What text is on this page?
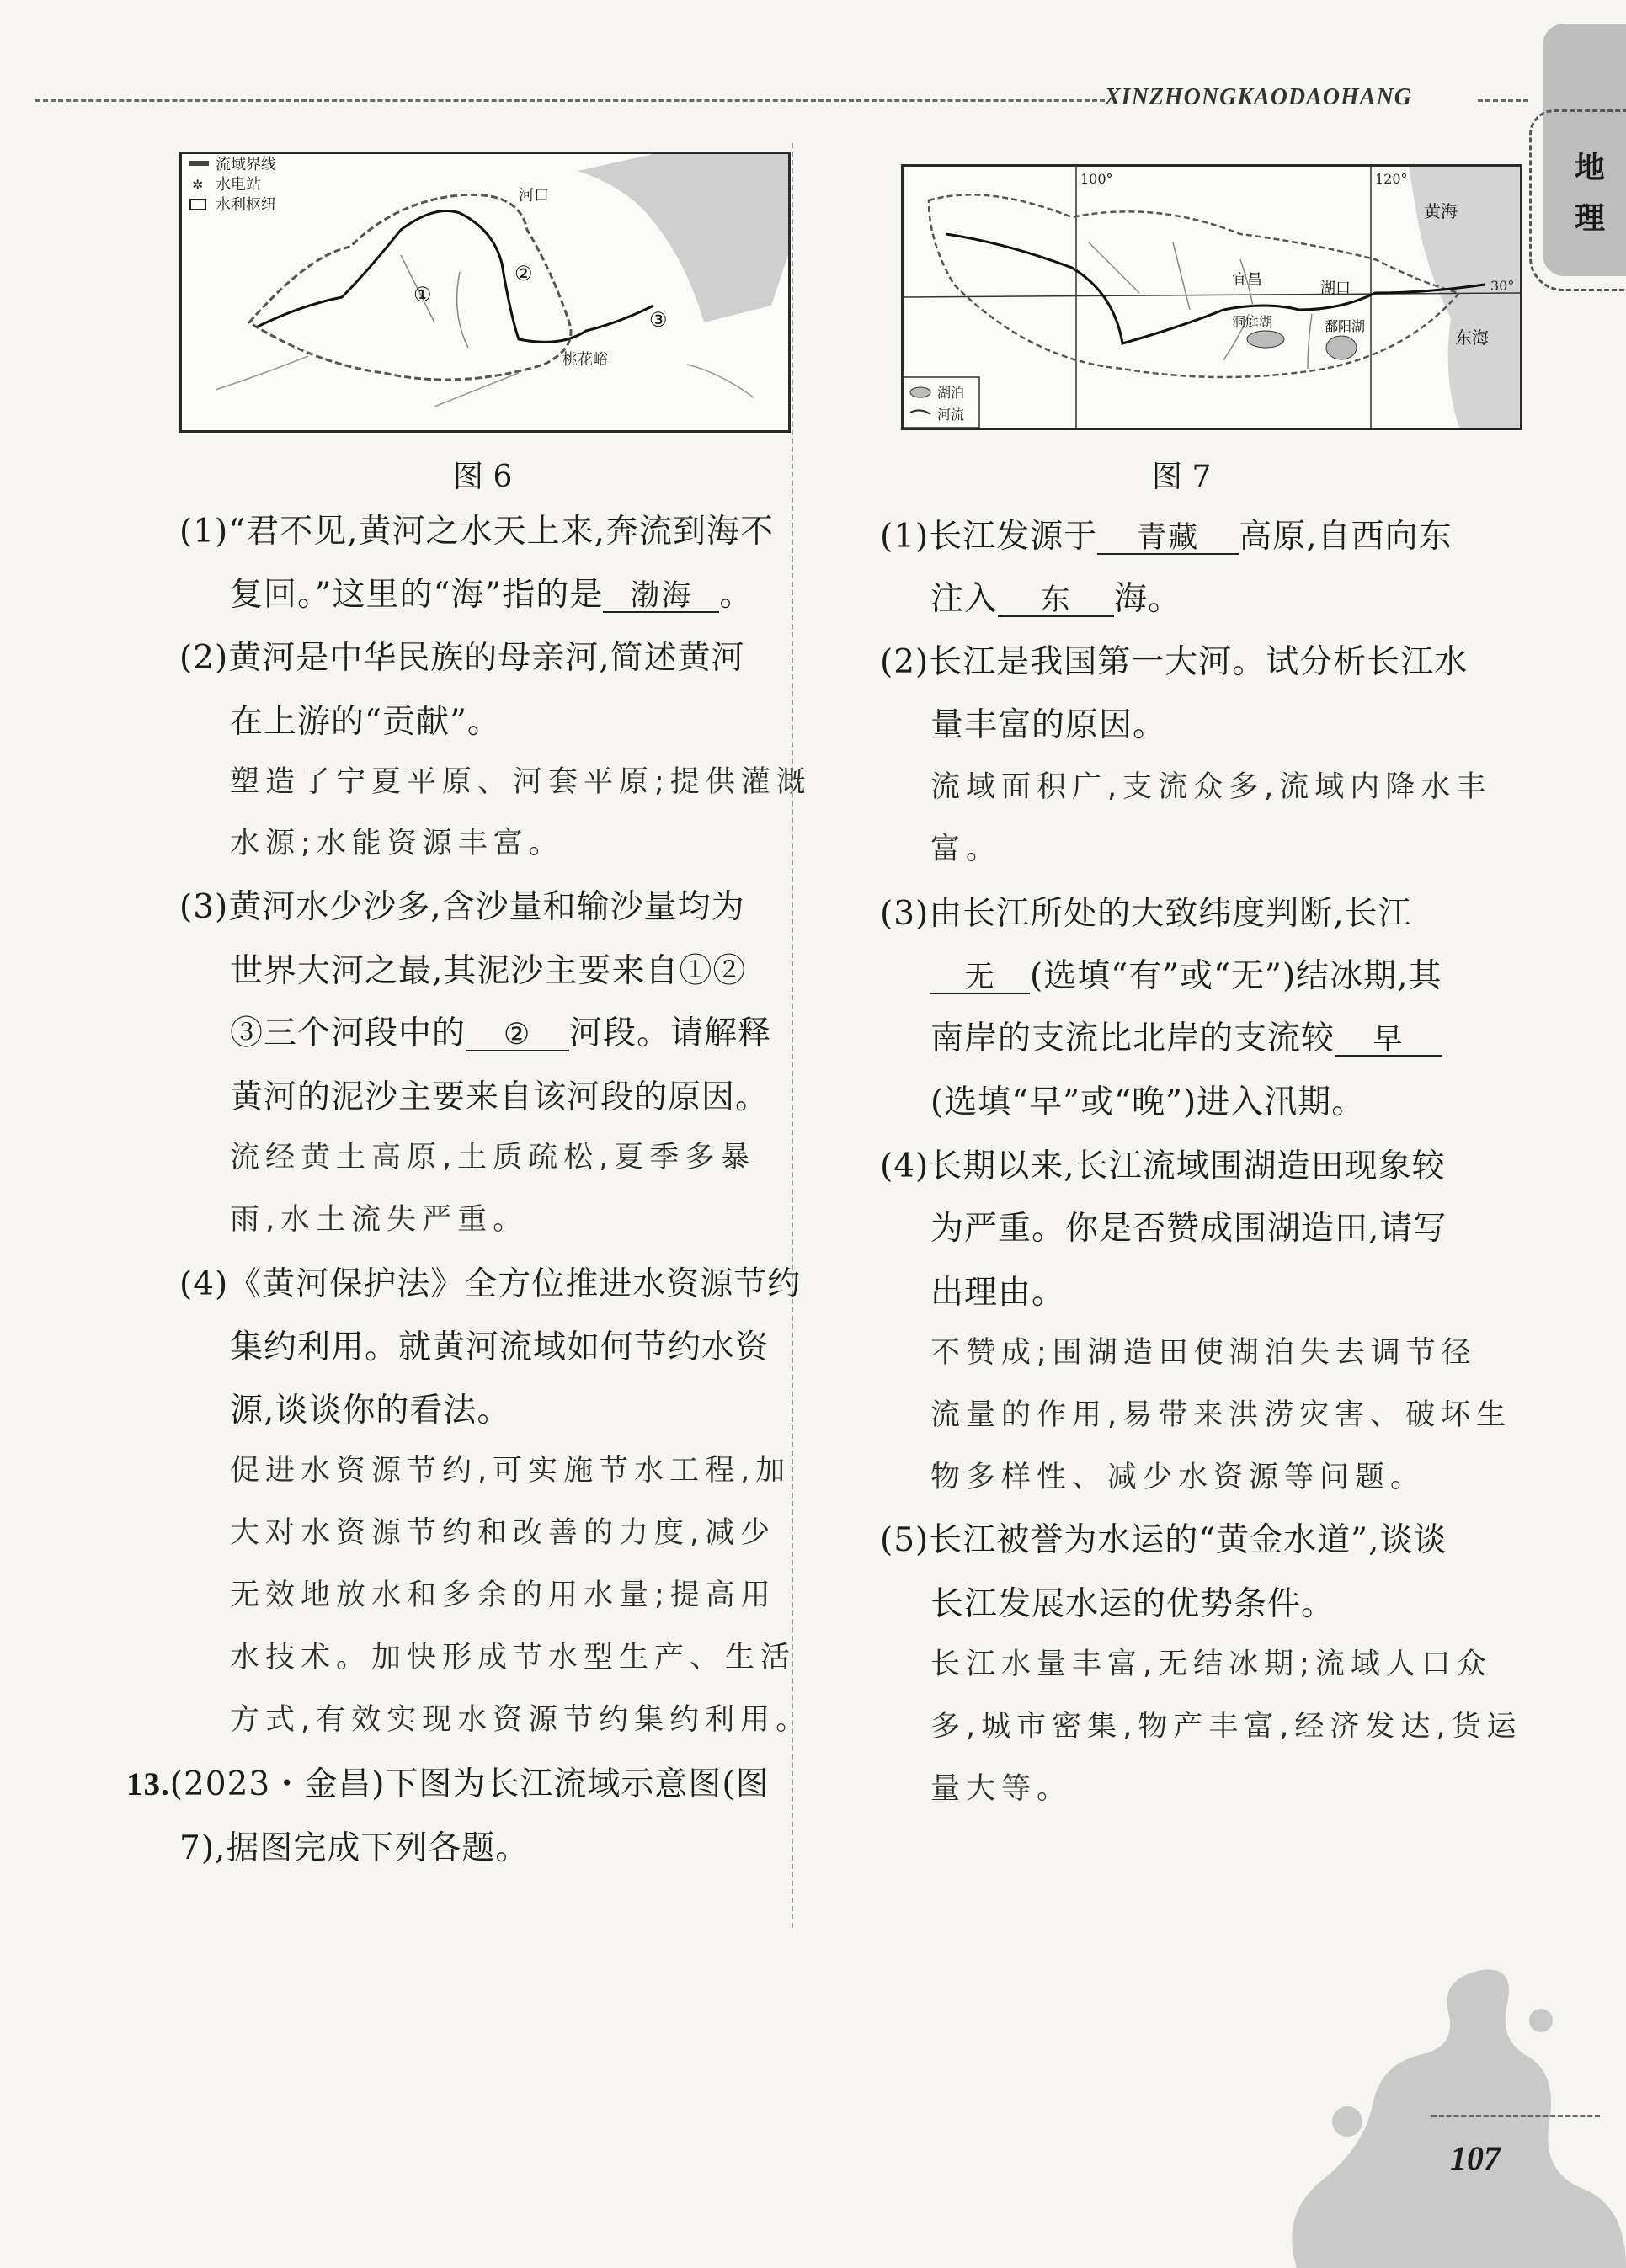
XINZHONGKAODAOHANG
地
理
流域界线
✲ 水电站
水利枢纽
河口
桃花峪
①
②
③
图 6
100°	120°
30°
宜昌	湖口
洞庭湖	鄱阳湖
黄海
东海
湖泊
河流
图 7
(1)“君不见,黄河之水天上来,奔流到海不
复回。”这里的“海”指的是 渤海 。
(2)黄河是中华民族的母亲河,简述黄河
在上游的“贡献”。
塑造了宁夏平原、河套平原;提供灌溉
水源;水能资源丰富。
(3)黄河水少沙多,含沙量和输沙量均为
世界大河之最,其泥沙主要来自①②
③三个河段中的 ② 河段。请解释
黄河的泥沙主要来自该河段的原因。
流经黄土高原,土质疏松,夏季多暴
雨,水土流失严重。
(4)《黄河保护法》全方位推进水资源节约
集约利用。就黄河流域如何节约水资
源,谈谈你的看法。
促进水资源节约,可实施节水工程,加
大对水资源节约和改善的力度,减少
无效地放水和多余的用水量;提高用
水技术。加快形成节水型生产、生活
方式,有效实现水资源节约集约利用。
13.(2023・金昌)下图为长江流域示意图(图
7),据图完成下列各题。
(1)长江发源于 青藏 高原,自西向东
注入 东 海。
(2)长江是我国第一大河。试分析长江水
量丰富的原因。
流域面积广,支流众多,流域内降水丰
富。
(3)由长江所处的大致纬度判断,长江
无 (选填“有”或“无”)结冰期,其
南岸的支流比北岸的支流较 早
(选填“早”或“晚”)进入汛期。
(4)长期以来,长江流域围湖造田现象较
为严重。你是否赞成围湖造田,请写
出理由。
不赞成;围湖造田使湖泊失去调节径
流量的作用,易带来洪涝灾害、破坏生
物多样性、减少水资源等问题。
(5)长江被誉为水运的“黄金水道”,谈谈
长江发展水运的优势条件。
长江水量丰富,无结冰期;流域人口众
多,城市密集,物产丰富,经济发达,货运
量大等。
107
